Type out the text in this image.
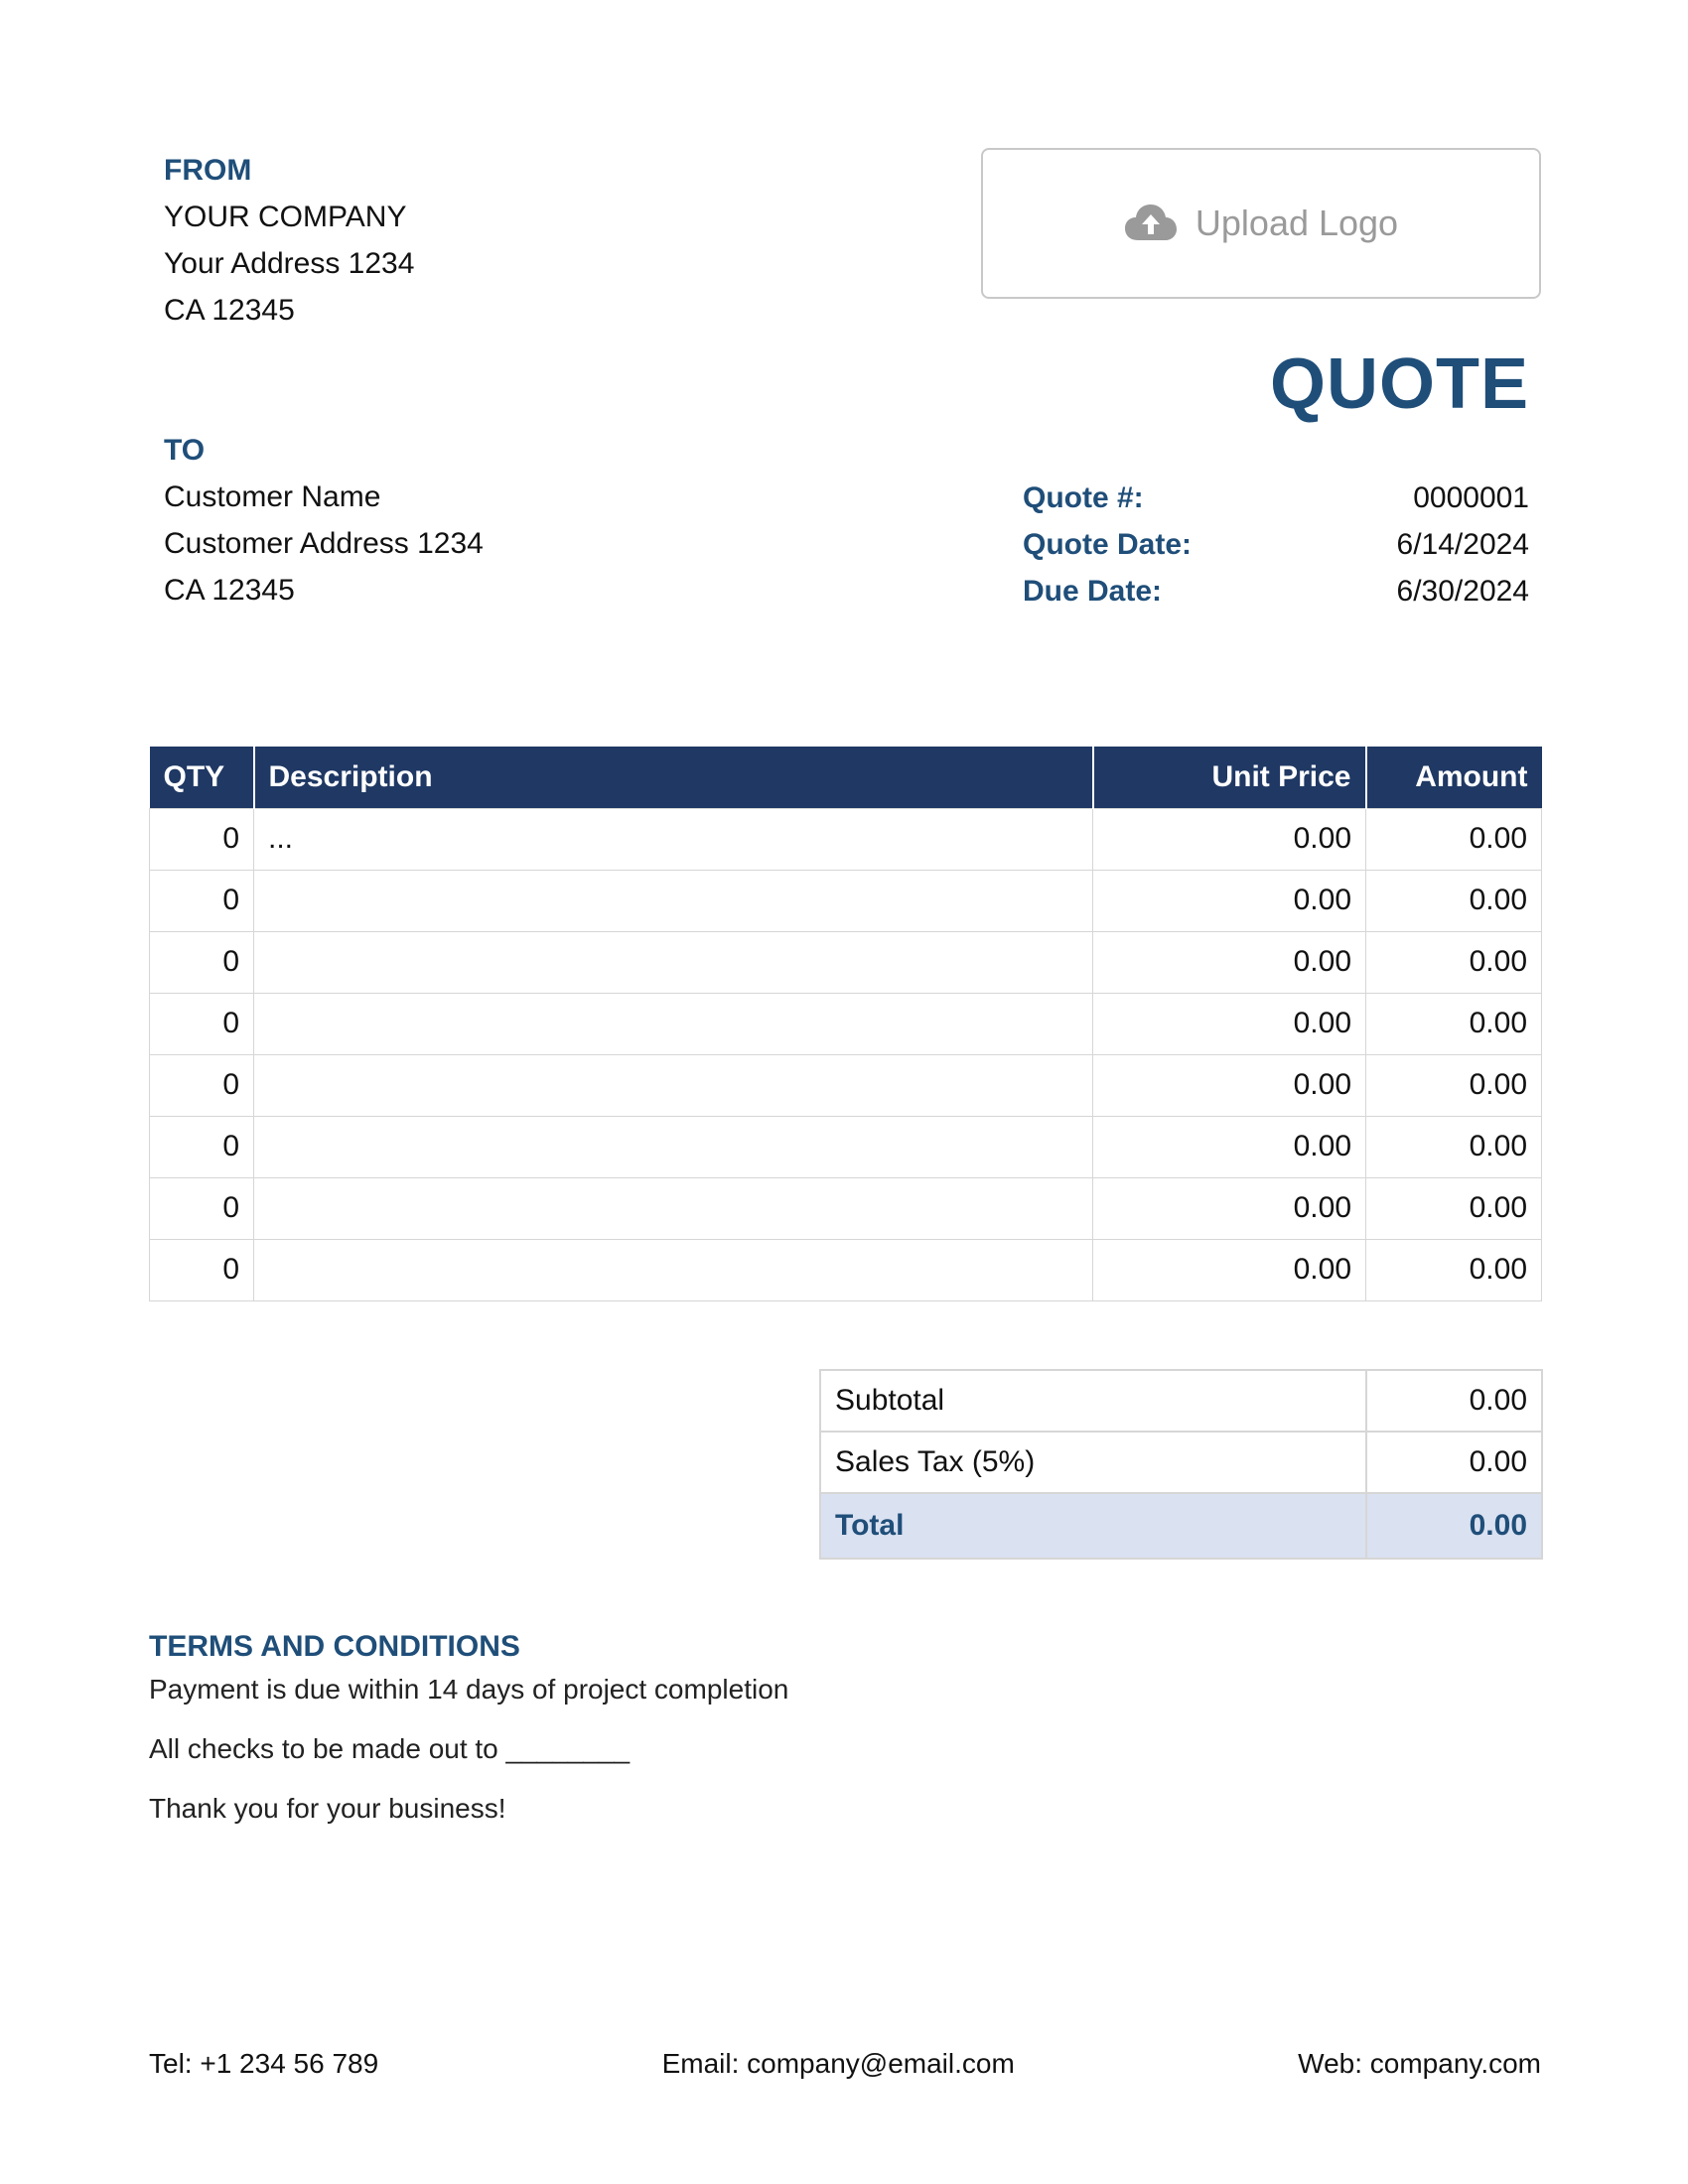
FROM
YOUR COMPANY
Your Address 1234
CA 12345
Upload Logo
QUOTE
TO
Customer Name
Customer Address 1234
CA 12345
Quote #:	0000001
Quote Date:	6/14/2024
Due Date:	6/30/2024
QTY	Description	Unit Price	Amount
0	...	0.00	0.00
0		0.00	0.00
0		0.00	0.00
0		0.00	0.00
0		0.00	0.00
0		0.00	0.00
0		0.00	0.00
0		0.00	0.00
Subtotal	0.00
Sales Tax (5%)	0.00
Total	0.00
TERMS AND CONDITIONS
Payment is due within 14 days of project completion
All checks to be made out to ________
Thank you for your business!
Tel: +1 234 56 789	Email: company@email.com	Web: company.com
